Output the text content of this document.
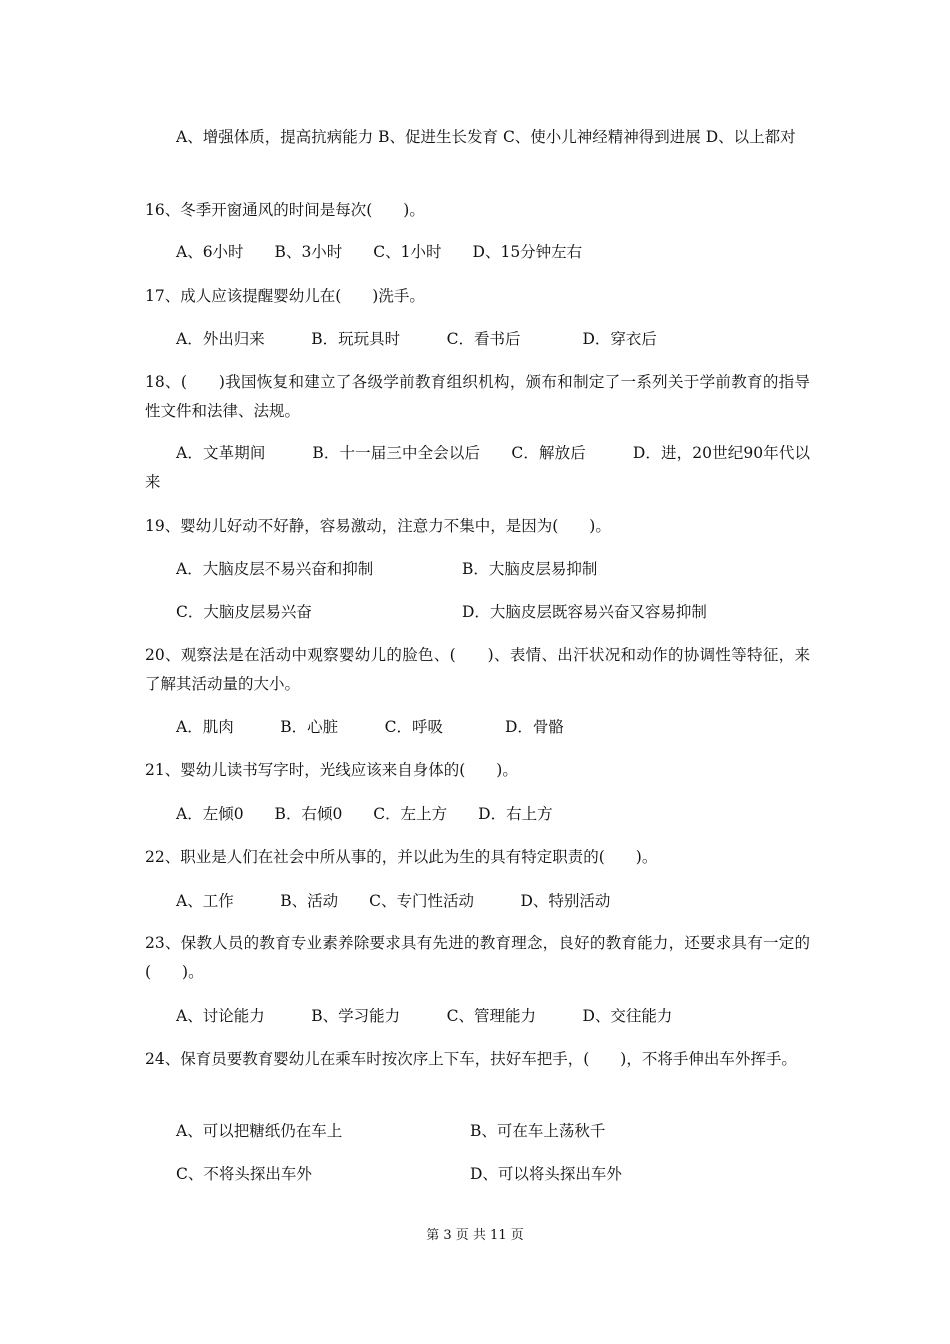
A、增强体质，提高抗病能力 B、促进生长发育 C、使小儿神经精神得到进展 D、以上都对
16、冬季开窗通风的时间是每次(　　)。
A、6小时　　B、3小时　　C、1小时　　D、15分钟左右
17、成人应该提醒婴幼儿在(　　)洗手。
A．外出归来　　　B．玩玩具时　　　C．看书后　　　　D．穿衣后
18、(　　)我国恢复和建立了各级学前教育组织机构，颁布和制定了一系列关于学前教育的指导性文件和法律、法规。
A．文革期间　　　B．十一届三中全会以后　　C．解放后　　　D．进，20世纪90年代以来
19、婴幼儿好动不好静，容易激动，注意力不集中，是因为(　　)。
A．大脑皮层不易兴奋和抑制	B．大脑皮层易抑制
C．大脑皮层易兴奋	D．大脑皮层既容易兴奋又容易抑制
20、观察法是在活动中观察婴幼儿的脸色、(　　)、表情、出汗状况和动作的协调性等特征，来了解其活动量的大小。
A．肌肉　　　B．心脏　　　C．呼吸　　　　D．骨骼
21、婴幼儿读书写字时，光线应该来自身体的(　　)。
A．左倾0　　B．右倾0　　C．左上方　　D．右上方
22、职业是人们在社会中所从事的，并以此为生的具有特定职责的(　　)。
A、工作　　　B、活动　　C、专门性活动　　　D、特别活动
23、保教人员的教育专业素养除要求具有先进的教育理念，良好的教育能力，还要求具有一定的(　　)。
A、讨论能力　　　B、学习能力　　　C、管理能力　　　D、交往能力
24、保育员要教育婴幼儿在乘车时按次序上下车，扶好车把手，(　　)，不将手伸出车外挥手。
A、可以把糖纸仍在车上	B、可在车上荡秋千
C、不将头探出车外	D、可以将头探出车外
第 3 页 共 11 页
